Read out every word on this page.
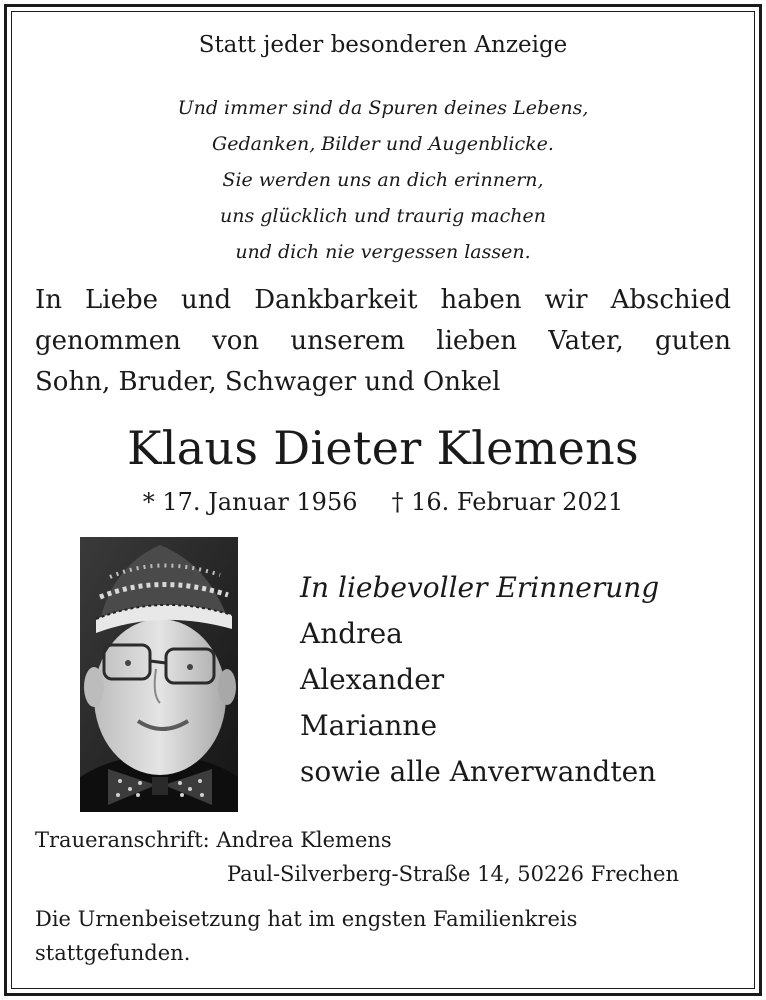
Statt jeder besonderen Anzeige
Und immer sind da Spuren deines Lebens,
Gedanken, Bilder und Augenblicke.
Sie werden uns an dich erinnern,
uns glücklich und traurig machen
und dich nie vergessen lassen.
In Liebe und Dankbarkeit haben wir Abschied
genommen von unserem lieben Vater, guten
Sohn, Bruder, Schwager und Onkel
Klaus Dieter Klemens
* 17. Januar 1956 † 16. Februar 2021
In liebevoller Erinnerung
Andrea
Alexander
Marianne
sowie alle Anverwandten
Traueranschrift: Andrea Klemens
Paul-Silverberg-Straße 14, 50226 Frechen
Die Urnenbeisetzung hat im engsten Familienkreis stattgefunden.
